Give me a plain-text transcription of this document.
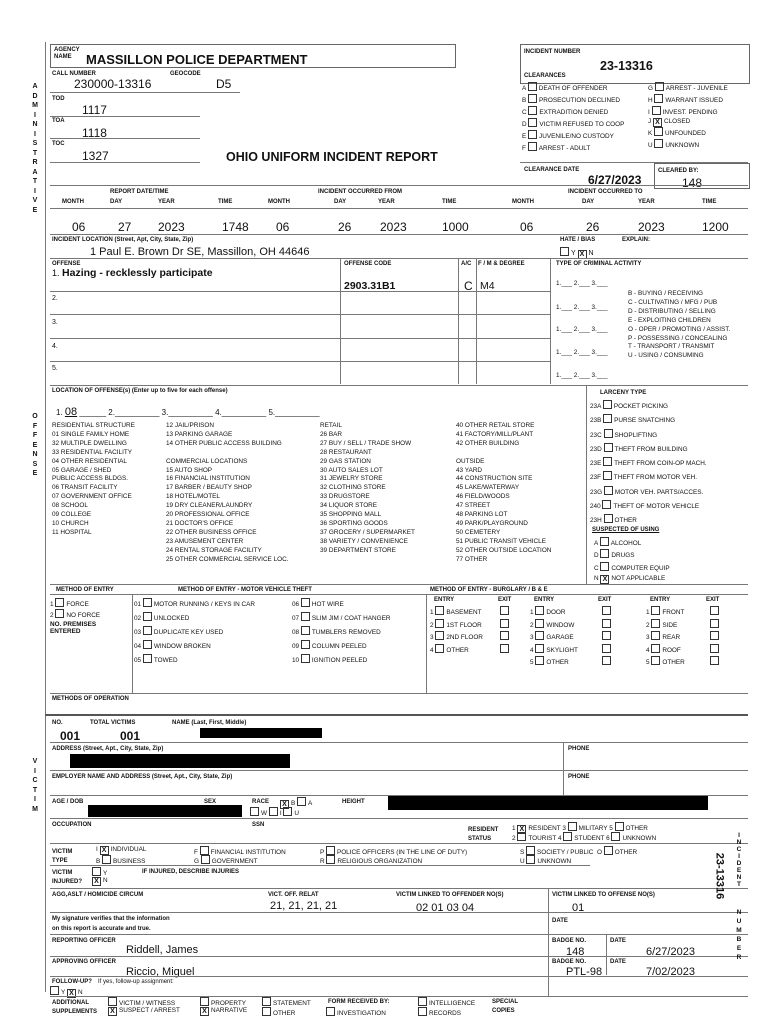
A
D
M
I
N
I
S
T
R
A
T
I
V
E
O
F
F
E
N
S
E
V
I
C
T
I
M
AGENCY NAME	MASSILLON POLICE DEPARTMENT
CALL NUMBER
230000-13316
GEOCODE
D5
TOD
1117
TOA
1118
TOC
1327	OHIO UNIFORM INCIDENT REPORT
INCIDENT NUMBER
23-13316
CLEARANCES
A DEATH OF OFFENDER
B PROSECUTION DECLINED
C EXTRADITION DENIED
D VICTIM REFUSED TO COOP
E JUVENILE/NO CUSTODY
F ARREST - ADULT
G ARREST - JUVENILE
H WARRANT ISSUED
I INVEST. PENDING
J X CLOSED
K UNFOUNDED
U UNKNOWN
CLEARANCE DATE
6/27/2023
CLEARED BY:
148
REPORT DATE/TIME	INCIDENT OCCURRED FROM	INCIDENT OCCURRED TO
MONTH	DAY	YEAR	TIME	MONTH	DAY	YEAR	TIME	MONTH	DAY	YEAR	TIME
06	27 2023	1748 06	26 2023	1000	06	26	2023	1200
INCIDENT LOCATION (Street, Apt, City, State, Zip)
1 Paul E. Brown Dr SE, Massillon, OH 44646
HATE / BIAS
Y X N
EXPLAIN:
OFFENSE	OFFENSE CODE	A/C F / M & DEGREE	TYPE OF CRIMINAL ACTIVITY
1. Hazing - recklessly participate
2903.31B1	C M4
2.
3.
4.
5.
1.___ 2.___ 3.___
1.___ 2.___ 3.___
1.___ 2.___ 3.___
1.___ 2.___ 3.___
1.___ 2.___ 3.___
B - BUYING / RECEIVING
C - CULTIVATING / MFG / PUB
D - DISTRIBUTING / SELLING
E - EXPLOITING CHILDREN
O - OPER / PROMOTING / ASSIST.
P - POSSESSING / CONCEALING
T - TRANSPORT / TRANSMIT
U - USING / CONSUMING
LOCATION OF OFFENSE(s) (Enter up to five for each offense)
1. 08 ______ 2.__________ 3.__________ 4.__________ 5.__________
RESIDENTIAL STRUCTURE
01 SINGLE FAMILY HOME
32 MULTIPLE DWELLING
33 RESIDENTIAL FACILITY
04 OTHER RESIDENTIAL
05 GARAGE / SHED
PUBLIC ACCESS BLDGS.
06 TRANSIT FACILITY
07 GOVERNMENT OFFICE
08 SCHOOL
09 COLLEGE
10 CHURCH
11 HOSPITAL
12 JAIL/PRISON
13 PARKING GARAGE
14 OTHER PUBLIC ACCESS BUILDING

COMMERCIAL LOCATIONS
15 AUTO SHOP
16 FINANCIAL INSTITUTION
17 BARBER / BEAUTY SHOP
18 HOTEL/MOTEL
19 DRY CLEANER/LAUNDRY
20 PROFESSIONAL OFFICE
21 DOCTOR'S OFFICE
22 OTHER BUSINESS OFFICE
23 AMUSEMENT CENTER
24 RENTAL STORAGE FACILITY
25 OTHER COMMERCIAL SERVICE LOC.
RETAIL
26 BAR
27 BUY / SELL / TRADE SHOW
28 RESTAURANT
29 GAS STATION
30 AUTO SALES LOT
31 JEWELRY STORE
32 CLOTHING STORE
33 DRUGSTORE
34 LIQUOR STORE
35 SHOPPING MALL
36 SPORTING GOODS
37 GROCERY / SUPERMARKET
38 VARIETY / CONVENIENCE
39 DEPARTMENT STORE
40 OTHER RETAIL STORE
41 FACTORY/MILL/PLANT
42 OTHER BUILDING

OUTSIDE
43 YARD
44 CONSTRUCTION SITE
45 LAKE/WATERWAY
46 FIELD/WOODS
47 STREET
48 PARKING LOT
49 PARK/PLAYGROUND
50 CEMETERY
51 PUBLIC TRANSIT VEHICLE
52 OTHER OUTSIDE LOCATION
77 OTHER
LARCENY TYPE
23A POCKET PICKING
23B PURSE SNATCHING
23C SHOPLIFTING
23D THEFT FROM BUILDING
23E THEFT FROM COIN-OP MACH.
23F THEFT FROM MOTOR VEH.
23G MOTOR VEH. PARTS/ACCES.
240 THEFT OF MOTOR VEHICLE
23H OTHER
SUSPECTED OF USING
A ALCOHOL
D DRUGS
C COMPUTER EQUIP
N X NOT APPLICABLE
METHOD OF ENTRY	METHOD OF ENTRY - MOTOR VEHICLE THEFT	METHOD OF ENTRY - BURGLARY / B & E
1 FORCE
2 NO FORCE
NO. PREMISES ENTERED
01 MOTOR RUNNING / KEYS IN CAR
02 UNLOCKED
03 DUPLICATE KEY USED
04 WINDOW BROKEN
05 TOWED
06 HOT WIRE
07 SLIM JIM / COAT HANGER
08 TUMBLERS REMOVED
09 COLUMN PEELED
10 IGNITION PEELED
ENTRY	EXIT	ENTRY	EXIT	ENTRY	EXIT
1 BASEMENT
2 1ST FLOOR
3 2ND FLOOR
4 OTHER
1 DOOR
2 WINDOW
3 GARAGE
4 SKYLIGHT
5 OTHER
1 FRONT
2 SIDE
3 REAR
4 ROOF
5 OTHER
METHODS OF OPERATION
NO.
001
TOTAL VICTIMS
001
NAME (Last, First, Middle)
ADDRESS (Street, Apt., City, State, Zip)	PHONE
EMPLOYER NAME AND ADDRESS (Street, Apt., City, State, Zip)	PHONE
AGE / DOB	SEX	RACE	X B A
W I U
HEIGHT
OCCUPATION	SSN
RESIDENT STATUS
1 X RESIDENT 3 MILITARY 5 OTHER
2 TOURIST 4 STUDENT 6 UNKNOWN
VICTIM TYPE
I X INDIVIDUAL
B BUSINESS
F FINANCIAL INSTITUTION
G GOVERNMENT
P POLICE OFFICERS (IN THE LINE OF DUTY)
R RELIGIOUS ORGANIZATION
S SOCIETY / PUBLIC O OTHER
U UNKNOWN
VICTIM INJURED?
Y
X N
IF INJURED, DESCRIBE INJURIES
AGG,ASLT / HOMICIDE CIRCUM	VICT. OFF. RELAT
21, 21, 21, 21
VICTIM LINKED TO OFFENDER NO(S)
02 01 03 04
VICTIM LINKED TO OFFENSE NO(S)
01
My signature verifies that the information
on this report is accurate and true.
DATE
REPORTING OFFICER
Riddell, James
BADGE NO.
148
DATE
6/27/2023
APPROVING OFFICER
Riccio, Miguel
BADGE NO.
PTL-98
DATE
7/02/2023
FOLLOW-UP? If yes, follow-up assignment:
Y X N
ADDITIONAL SUPPLEMENTS
VICTIM / WITNESS
X SUSPECT / ARREST
PROPERTY
X NARRATIVE
STATEMENT
OTHER
FORM RECEIVED BY:
INVESTIGATION
INTELLIGENCE
RECORDS
SPECIAL
COPIES
I
N
C
I
D
E
N
T
23-13316
N
U
M
B
E
R
